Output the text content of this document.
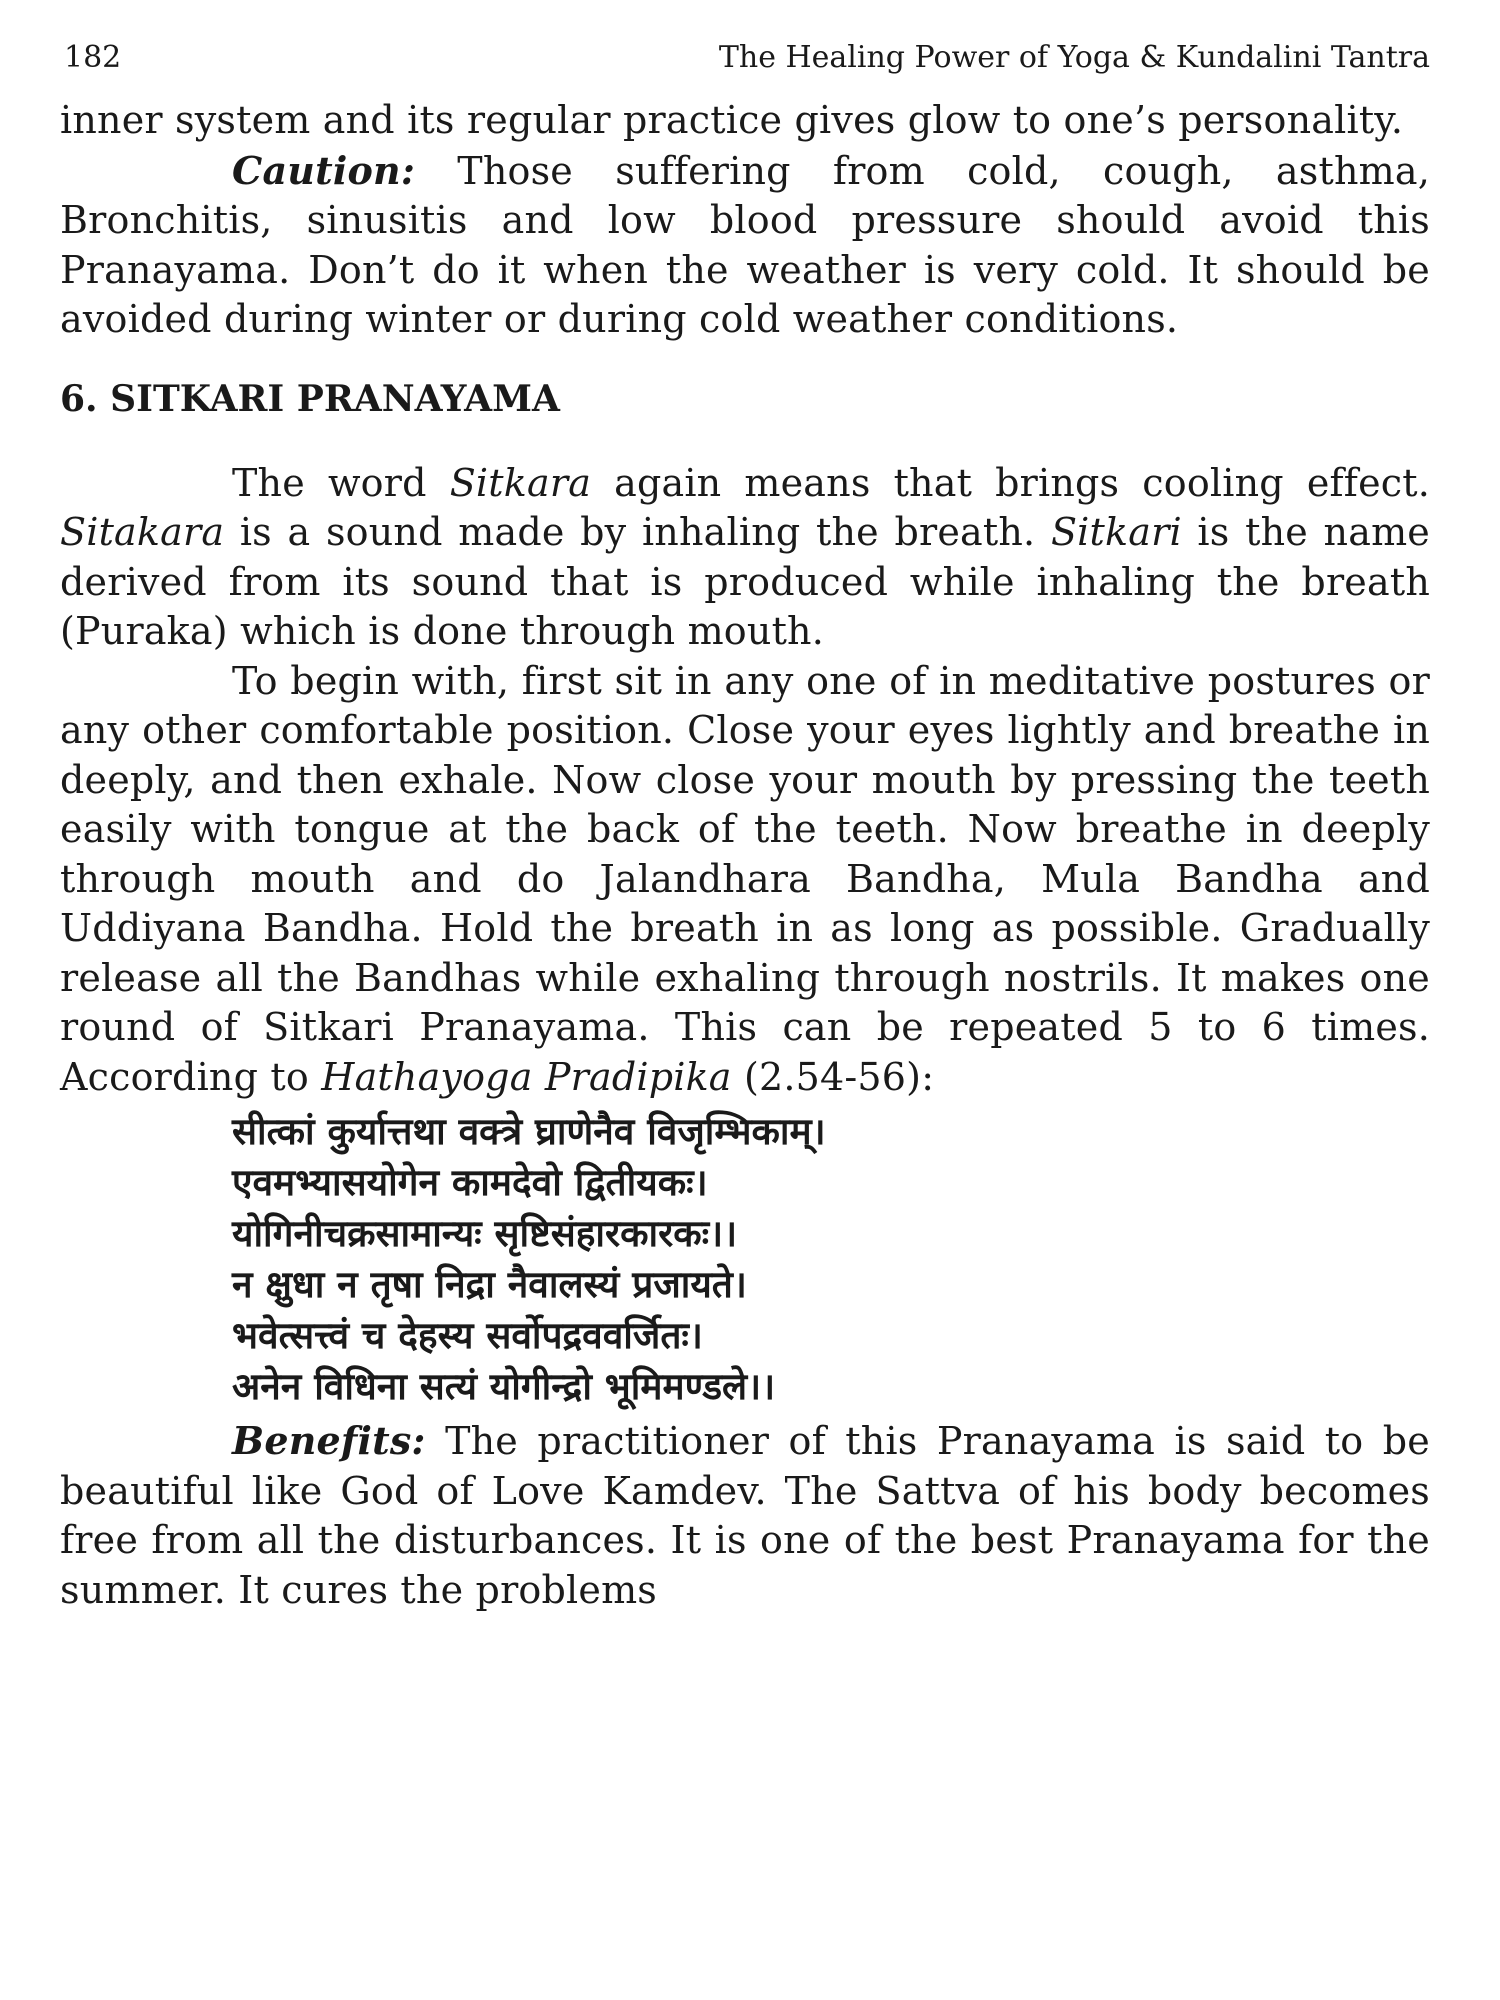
182	The Healing Power of Yoga & Kundalini Tantra

inner system and its regular practice gives glow to one’s personality.

Caution: Those suffering from cold, cough, asthma, Bronchitis, sinusitis and low blood pressure should avoid this Pranayama. Don’t do it when the weather is very cold. It should be avoided during winter or during cold weather conditions.

6. SITKARI PRANAYAMA

The word Sitkara again means that brings cooling effect. Sitakara is a sound made by inhaling the breath. Sitkari is the name derived from its sound that is produced while inhaling the breath (Puraka) which is done through mouth.

To begin with, first sit in any one of in meditative postures or any other comfortable position. Close your eyes lightly and breathe in deeply, and then exhale. Now close your mouth by pressing the teeth easily with tongue at the back of the teeth. Now breathe in deeply through mouth and do Jalandhara Bandha, Mula Bandha and Uddiyana Bandha. Hold the breath in as long as possible. Gradually release all the Bandhas while exhaling through nostrils. It makes one round of Sitkari Pranayama. This can be repeated 5 to 6 times. According to Hathayoga Pradipika (2.54-56):

सीत्कां कुर्यात्तथा वक्त्रे घ्राणेनैव विजृम्भिकाम्।
एवमभ्यासयोगेन कामदेवो द्वितीयकः।
योगिनीचक्रसामान्यः सृष्टिसंहारकारकः।।
न क्षुधा न तृषा निद्रा नैवालस्यं प्रजायते।
भवेत्सत्त्वं च देहस्य सर्वोपद्रववर्जितः।
अनेन विधिना सत्यं योगीन्द्रो भूमिमण्डले।।

Benefits: The practitioner of this Pranayama is said to be beautiful like God of Love Kamdev. The Sattva of his body becomes free from all the disturbances. It is one of the best Pranayama for the summer. It cures the problems
